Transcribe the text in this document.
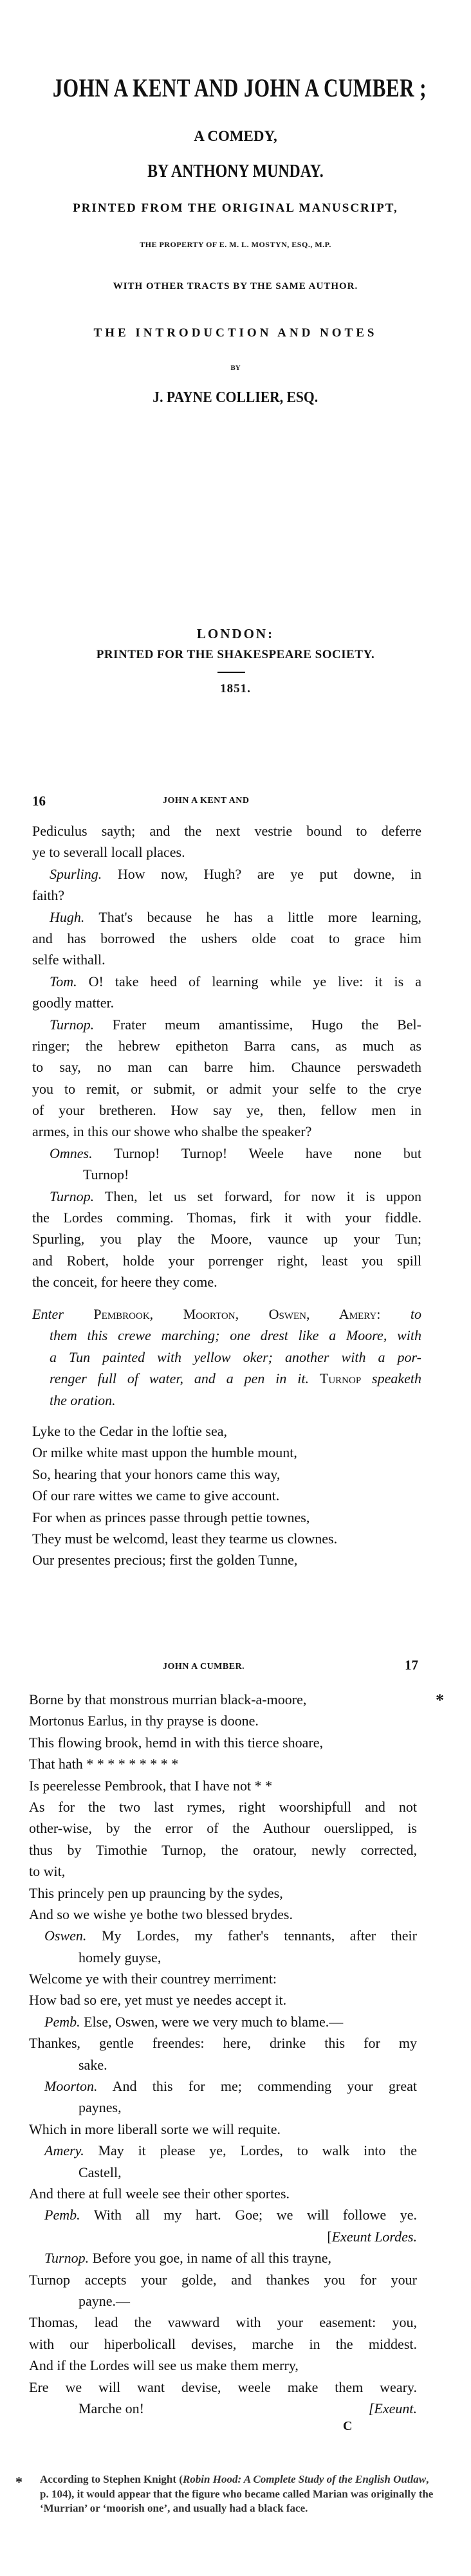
JOHN A KENT AND JOHN A CUMBER ;
A COMEDY,
BY ANTHONY MUNDAY.
PRINTED FROM THE ORIGINAL MANUSCRIPT,
THE PROPERTY OF E. M. L. MOSTYN, ESQ., M.P.
WITH OTHER TRACTS BY THE SAME AUTHOR.
THE INTRODUCTION AND NOTES
BY
J. PAYNE COLLIER, ESQ.
LONDON:
PRINTED FOR THE SHAKESPEARE SOCIETY.
1851.
16	JOHN A KENT AND
Pediculus sayth; and the next vestrie bound to deferre
ye to severall locall places.
Spurling. How now, Hugh? are ye put downe, in
faith?
Hugh. That's because he has a little more learning,
and has borrowed the ushers olde coat to grace him
selfe withall.
Tom. O! take heed of learning while ye live: it is a
goodly matter.
Turnop. Frater meum amantissime, Hugo the Bel-
ringer; the hebrew epitheton Barra cans, as much as
to say, no man can barre him. Chaunce perswadeth
you to remit, or submit, or admit your selfe to the crye
of your bretheren. How say ye, then, fellow men in
armes, in this our showe who shalbe the speaker?
Omnes. Turnop! Turnop! Weele have none but
Turnop!
Turnop. Then, let us set forward, for now it is uppon
the Lordes comming. Thomas, firk it with your fiddle.
Spurling, you play the Moore, vaunce up your Tun;
and Robert, holde your porrenger right, least you spill
the conceit, for heere they come.
Enter Pembrook, Moorton, Oswen, Amery: to
them this crewe marching; one drest like a Moore, with
a Tun painted with yellow oker; another with a por-
renger full of water, and a pen in it. Turnop speaketh
the oration.
Lyke to the Cedar in the loftie sea,
Or milke white mast uppon the humble mount,
So, hearing that your honors came this way,
Of our rare wittes we came to give account.
For when as princes passe through pettie townes,
They must be welcomd, least they tearme us clownes.
Our presentes precious; first the golden Tunne,
JOHN A CUMBER.	17
*
Borne by that monstrous murrian black-a-moore,
Mortonus Earlus, in thy prayse is doone.
This flowing brook, hemd in with this tierce shoare,
That hath * * * * * * * * *
Is peerelesse Pembrook, that I have not * *
As for the two last rymes, right woorshipfull and not
other-wise, by the error of the Authour ouerslipped, is
thus by Timothie Turnop, the oratour, newly corrected,
to wit,
This princely pen up prauncing by the sydes,
And so we wishe ye bothe two blessed brydes.
Oswen. My Lordes, my father's tennants, after their
homely guyse,
Welcome ye with their countrey merriment:
How bad so ere, yet must ye needes accept it.
Pemb. Else, Oswen, were we very much to blame.—
Thankes, gentle freendes: here, drinke this for my
sake.
Moorton. And this for me; commending your great
paynes,
Which in more liberall sorte we will requite.
Amery. May it please ye, Lordes, to walk into the
Castell,
And there at full weele see their other sportes.
Pemb. With all my hart. Goe; we will followe ye.
[Exeunt Lordes.
Turnop. Before you goe, in name of all this trayne,
Turnop accepts your golde, and thankes you for your
payne.—
Thomas, lead the vawward with your easement: you,
with our hiperbolicall devises, marche in the middest.
And if the Lordes will see us make them merry,
Ere we will want devise, weele make them weary.
Marche on!	[Exeunt.
C
* According to Stephen Knight (Robin Hood: A Complete Study of the English Outlaw, p. 104), it would appear that the figure who became called Marian was originally the ‘Murrian’ or ‘moorish one’, and usually had a black face.
